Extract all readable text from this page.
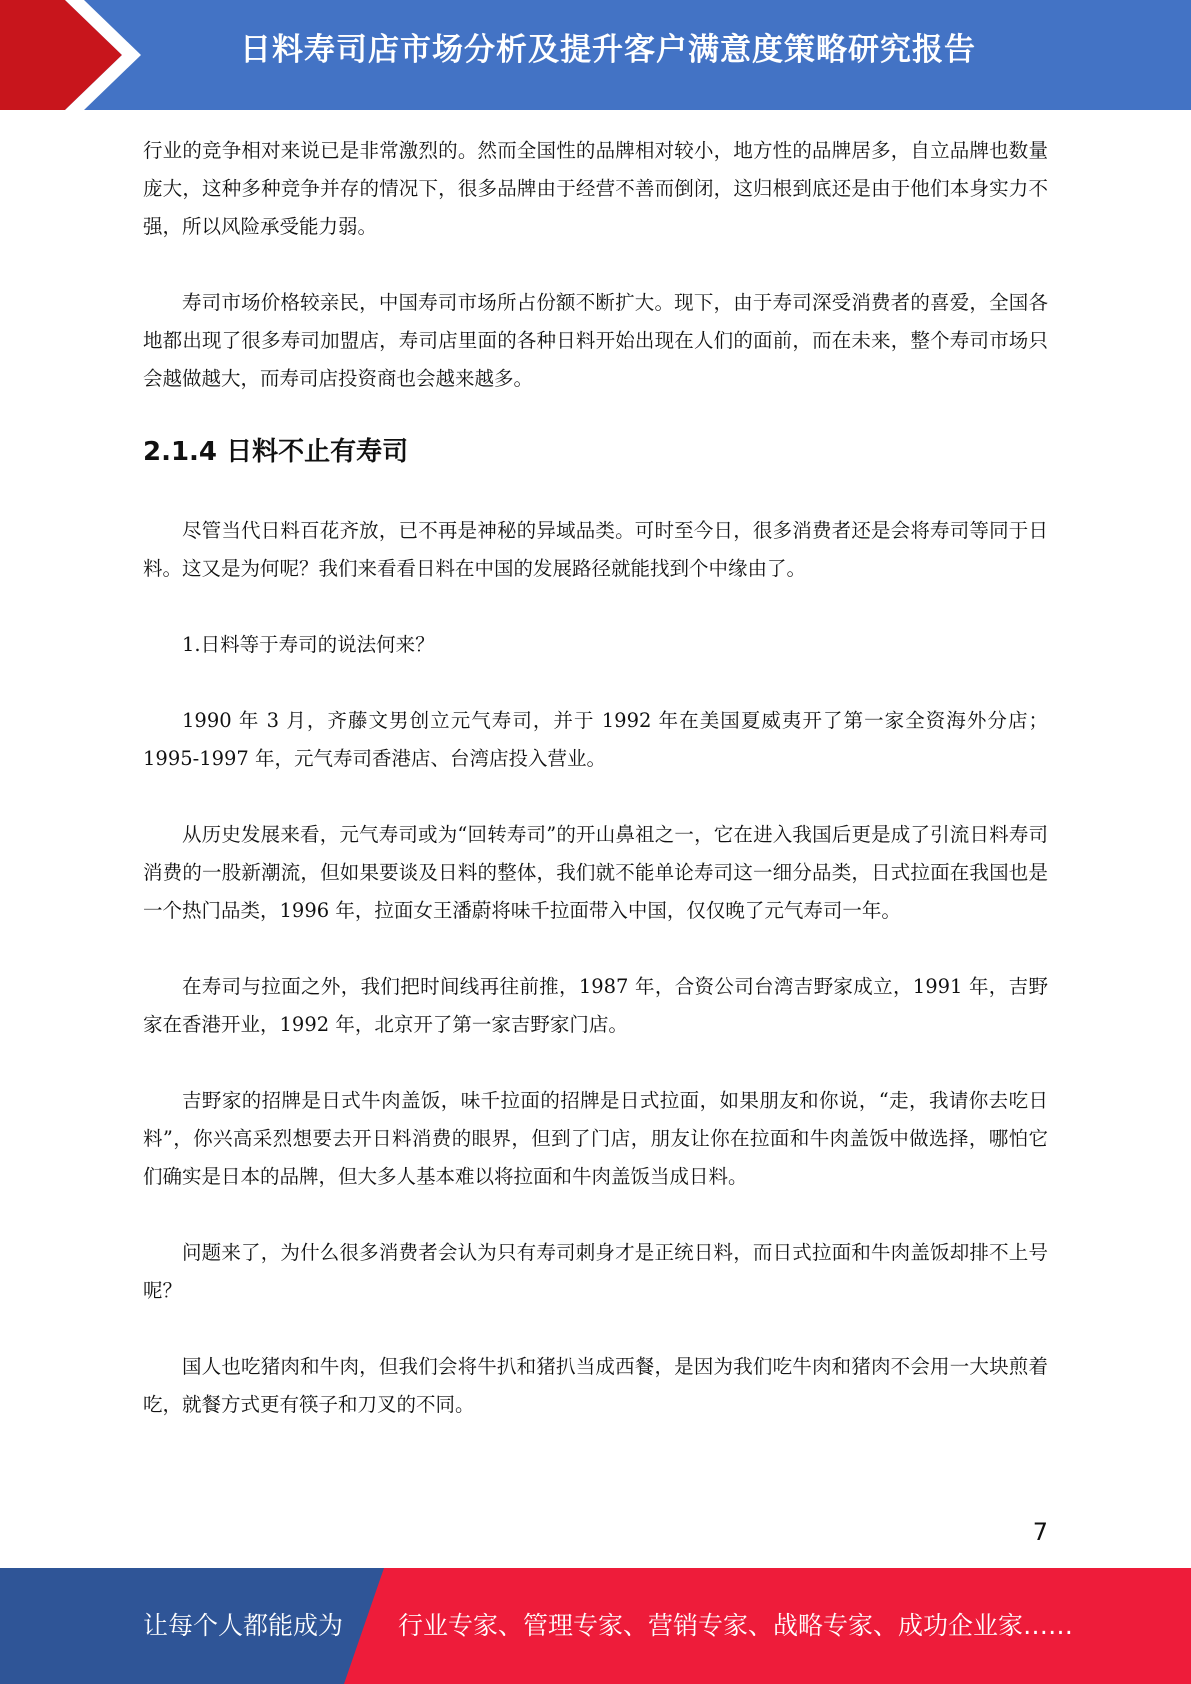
日料寿司店市场分析及提升客户满意度策略研究报告

行业的竞争相对来说已是非常激烈的。然而全国性的品牌相对较小，地方性的品牌居多，自立品牌也数量庞大，这种多种竞争并存的情况下，很多品牌由于经营不善而倒闭，这归根到底还是由于他们本身实力不强，所以风险承受能力弱。

寿司市场价格较亲民，中国寿司市场所占份额不断扩大。现下，由于寿司深受消费者的喜爱，全国各地都出现了很多寿司加盟店，寿司店里面的各种日料开始出现在人们的面前，而在未来，整个寿司市场只会越做越大，而寿司店投资商也会越来越多。

2.1.4 日料不止有寿司

尽管当代日料百花齐放，已不再是神秘的异域品类。可时至今日，很多消费者还是会将寿司等同于日料。这又是为何呢？我们来看看日料在中国的发展路径就能找到个中缘由了。

1.日料等于寿司的说法何来？

1990 年 3 月，齐藤文男创立元气寿司，并于 1992 年在美国夏威夷开了第一家全资海外分店；1995-1997 年，元气寿司香港店、台湾店投入营业。

从历史发展来看，元气寿司或为“回转寿司”的开山鼻祖之一，它在进入我国后更是成了引流日料寿司消费的一股新潮流，但如果要谈及日料的整体，我们就不能单论寿司这一细分品类，日式拉面在我国也是一个热门品类，1996 年，拉面女王潘蔚将味千拉面带入中国，仅仅晚了元气寿司一年。

在寿司与拉面之外，我们把时间线再往前推，1987 年，合资公司台湾吉野家成立，1991 年，吉野家在香港开业，1992 年，北京开了第一家吉野家门店。

吉野家的招牌是日式牛肉盖饭，味千拉面的招牌是日式拉面，如果朋友和你说，“走，我请你去吃日料”，你兴高采烈想要去开日料消费的眼界，但到了门店，朋友让你在拉面和牛肉盖饭中做选择，哪怕它们确实是日本的品牌，但大多人基本难以将拉面和牛肉盖饭当成日料。

问题来了，为什么很多消费者会认为只有寿司刺身才是正统日料，而日式拉面和牛肉盖饭却排不上号呢？

国人也吃猪肉和牛肉，但我们会将牛扒和猪扒当成西餐，是因为我们吃牛肉和猪肉不会用一大块煎着吃，就餐方式更有筷子和刀叉的不同。

7
让每个人都能成为 行业专家、管理专家、营销专家、战略专家、成功企业家……
